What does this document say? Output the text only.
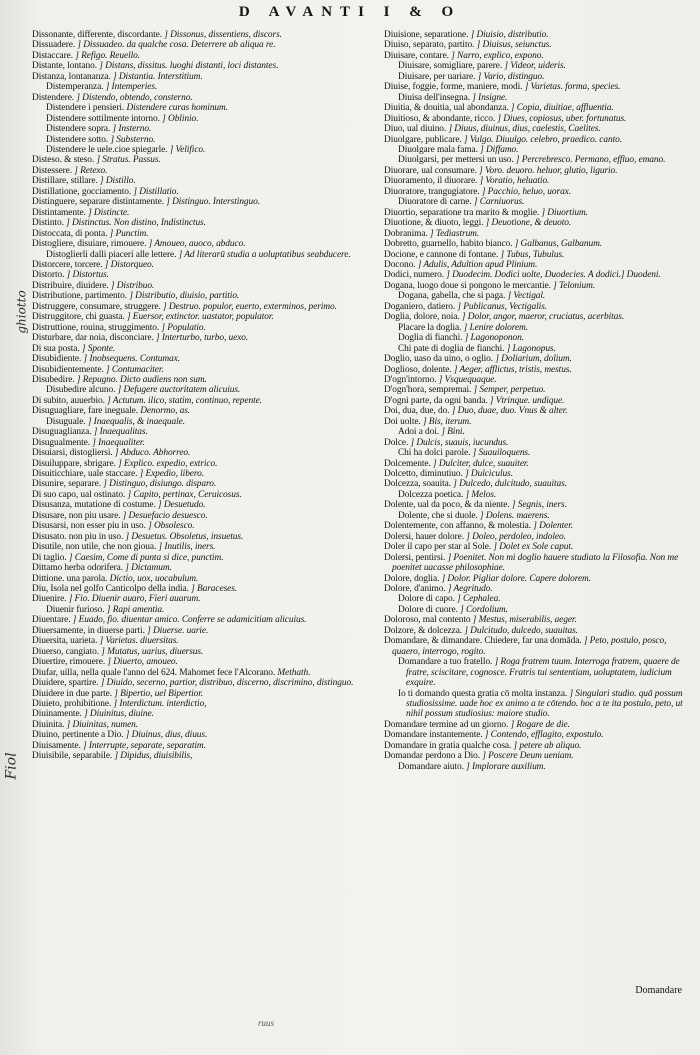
D AVANTI I & O
ghiotto
Fiol
Dissonante, differente, discordante. ] Dissonus, dissentiens, discors.
Dissuadere. ] Dissuadeo. da qualche cosa. Deterrere ab aliqua re.
Distaccare. ] Refigo. Reuello.
Distante, lontano. ] Distans, dissitus. luoghi distanti, loci distantes.
Distanza, lontananza. ] Distantia. Interstitium.
Distemperanza. ] Intemperies.
Distendere. ] Distendo, obtendo, consterno.
Distendere i pensieri. Distendere curas hominum.
Distendere sottilmente intorno. ] Oblinio.
Distendere sopra. ] Insterno.
Distendere sotto. ] Substerno.
Distendere le uele.cioe spiegarle. ] Velifico.
Disteso. & steso. ] Stratus. Passus.
Distessere. ] Retexo.
Distillare, stillare. ] Distillo.
Distillatione, gocciamento. ] Distillatio.
Distinguere, separare distintamente. ] Distinguo. Interstinguo.
Distintamente. ] Distincte.
Distinto. ] Distinctus. Non distino, Indistinctus.
Distoccata, di ponta. ] Punctim.
Distogliere, disuiare, rimouere. ] Amoueo, auoco, abduco.
Distoglierli dalli piaceri alle lettere. ] Ad literarū studia a uoluptatibus seabducere.
Distorcere, torcere. ] Distorqueo.
Distorto. ] Distortus.
Distribuire, diuidere. ] Distribuo.
Distributione, partimento. ] Distributio, diuisio, partitio.
Distruggere, consumare, struggere. ] Destruo. populor, euerto, exterminos, perimo.
Distruggitore, chi guasta. ] Euersor, extinctor. uastator, populator.
Distruttione, rouina, struggimento. ] Populatio.
Disturbare, dar noia, disconciare. ] Interturbo, turbo, uexo.
Di sua posta. ] Sponte.
Disubidiente. ] Inobsequens. Contumax.
Disubidientemente. ] Contumaciter.
Disubedire. ] Repugno. Dicto audiens non sum.
Disubedire alcuno. ] Defugere auctoritatem alicuius.
Di subito, auuerbio. ] Actutum. ilico, statim, continuo, repente.
Disuguagliare, fare ineguale. Denormo, as.
Disuguale. ] Inaequalis, & inaequale.
Disuguaglianza. ] Inaequalitas.
Disugualmente. ] Inaequaliter.
Disuiarsi, distogliersi. ] Abduco. Abhorreo.
Disuiluppare, sbrigare. ] Explico. expedio, extrico.
Disuiticchiare, uale staccare. ] Expedio, libero.
Disunire, separare. ] Distinguo, disiungo. disparo.
Di suo capo, ual ostinato. ] Capito, pertinax, Ceruicosus.
Disusanza, mutatione di costume. ] Desuetudo.
Disusare, non piu usare. ] Desuefacio desuesco.
Disusarsi, non esser piu in uso. ] Obsolesco.
Disusato. non piu in uso. ] Desuetus. Obsoletus, insuetus.
Disutile, non utile, che non gioua. ] Inutilis, iners.
Di taglio. ] Caesim, Come di punta si dice, punctim.
Dittamo herba odorifera. ] Dictamum.
Dittione. una parola. Dictio, uox, uocabulum.
Diu, Isola nel golfo Canticolpo della india. ] Baraceses.
Diuenire. ] Fio. Diuenir auaro, Fieri auarum.
Diuenir furioso. ] Rapi amentia.
Diuentare. ] Euado, fio. diuentar amico. Conferre se adamicitiam alicuius.
Diuersamente, in diuerse parti. ] Diuerse. uarie.
Diuersita, uarieta. ] Varietas. diuersitas.
Diuerso, cangiato. ] Mutatus, uarius, diuersus.
Diuertire, rimouere. ] Diuerto, amoueo.
Diufar, uilla, nella quale l'anno del 624. Mahomet fece l'Alcorano. Methath.
Diuidere, spartire. ] Diuido, secerno, partior, distribuo, discerno, discrimino, distinguo.
Diuidere in due parte. ] Bipertio, uel Bipertior.
Diuieto, prohibitione. ] Interdictum. interdictio,
Diuinamente. ] Diuinitus, diuine.
Diuinita. ] Diuinitas, numen.
Diuino, pertinente a Dio. ] Diuinus, dius, diuus.
Diuisamente. ] Interrupte, separate, separatim.
Diuisibile, separabile. ] Dipidus, diuisibilis,
Diuisione, separatione. ] Diuisio, distributio.
Diuiso, separato, partito. ] Diuisus, seiunctus.
Diuisare, contare. ] Narro, explico, expono.
Diuisare, somigliare, parere. ] Videor, uideris.
Diuisare, per uariare. ] Vario, distinguo.
Diuise, foggie, forme, maniere, modi. ] Varietas. forma, species.
Diuisa dell'insegna. ] Insigne.
Diuitia, & douitia, ual abondanza. ] Copia, diuitiae, affluentia.
Diuitioso, & abondante, ricco. ] Diues, copiosus, uber. fortunatus.
Diuo, ual diuino. ] Diuus, diuinus, dius, caelestis, Caelites.
Diuolgare, publicare. ] Vulgo. Diuulgo. celebro, praedico. canto.
Diuolgare mala fama. ] Diffamo.
Diuolgarsi, per mettersi un uso. ] Percrebresco. Permano, effluo, emano.
Diuorare, ual consumare. ] Voro. deuoro. heluor, glutio, ligurio.
Diuoramento, il diuorare. ] Voratio, heluatio.
Diuoratore, trangugiatore. ] Pacchio, heluo, uorax.
Diuoratore di carne. ] Carniuorus.
Diuortio, separatione tra marito & moglie. ] Diuortium.
Diuotione, & diuoto, leggi. ] Deuotione, & deuoto.
Dobranima. ] Tediastrum.
Dobretto, guarnello, habito bianco. ] Galbanus, Galbanum.
Docione, e cannone di fontane. ] Tubus, Tubulus.
Docono. ] Adulis, Adultion apud Plinium.
Dodici, numero. ] Duodecim. Dodici uolte, Duodecies. A dodici.] Duodeni.
Dogana, luogo doue si pongono le mercantie. ] Telonium.
Dogana, gabella, che si paga. ] Vectigal.
Doganiero, datiero. ] Publicanus, Vectigalis.
Doglia, dolore, noia. ] Dolor, angor, maeror, cruciatus, acerbitas.
Placare la doglia. ] Lenire dolorem.
Doglia di fianchi. ] Lagonoponon.
Chi pate di doglia de fianchi. ] Lagonopus.
Doglio, uaso da uino, o oglio. ] Doliarium, dolium.
Doglioso, dolente. ] Aeger, afflictus, tristis, mestus.
D'ogn'intorno. ] Vsquequaque.
D'ogn'hora, sempremai. ] Semper, perpetuo.
D'ogni parte, da ogni banda. ] Vtrinque. undique.
Doi, dua, due, do. ] Duo, duae, duo. Vnus & alter.
Doi uolte. ] Bis, iterum.
Adoi a doi. ] Bini.
Dolce. ] Dulcis, suauis, iucundus.
Chi ha dolci parole. ] Suauiloquens.
Dolcemente. ] Dulciter, dulce, suauiter.
Dolcetto, diminutiuo. ] Dulciculus.
Dolcezza, soauita. ] Dulcedo, dulcitudo, suauitas.
Dolcezza poetica. ] Melos.
Dolente, ual da poco, & da niente. ] Segnis, iners.
Dolente, che si duole. ] Dolens. maerens.
Dolentemente, con affanno, & molestia. ] Dolenter.
Dolersi, hauer dolore. ] Doleo, perdoleo, indoleo.
Doler il capo per star al Sole. ] Dolet ex Sole caput.
Dolersi, pentirsi. ] Poenitet. Non mi doglio hauere studiato la Filosofia. Non me poenitet uacasse philosophiae.
Dolore, doglia. ] Dolor. Pigliar dolore. Capere dolorem.
Dolore, d'animo. ] Aegritudo.
Dolore di capo. ] Cephalea.
Dolore di cuore. ] Cordolium.
Doloroso, mal contento ] Mestus, miserabilis, aeger.
Dolzore, & dolcezza. ] Dulcitudo, dulcedo, suauitas.
Domandare, & dimandare. Chiedere, far una domāda. ] Peto, postulo, posco, quaero, interrogo, rogito.
Domandare a tuo fratello. ] Roga fratrem tuum. Interroga fratrem, quaere de fratre, sciscitare, cognosce. Fratris tui sententiam, uoluptatem, iudicium exquire.
Io ti domando questa gratia cō molta instanza. ] Singulari studio. quā possum studiosissime. uade hoc ex animo a te cōtendo. hoc a te ita postulo, peto, ut nihil possum studiosius: maiore studio.
Domandare termine ad un giorno. ] Rogare de die.
Domandare instantemente. ] Contendo, efflagito, expostulo.
Domandare in gratia qualche cosa. ] petere ab aliquo.
Domandar perdono a Dio. ] Poscere Deum ueniam.
Domandare aiuto. ] Implorare auxilium.
Domandare
ruus
